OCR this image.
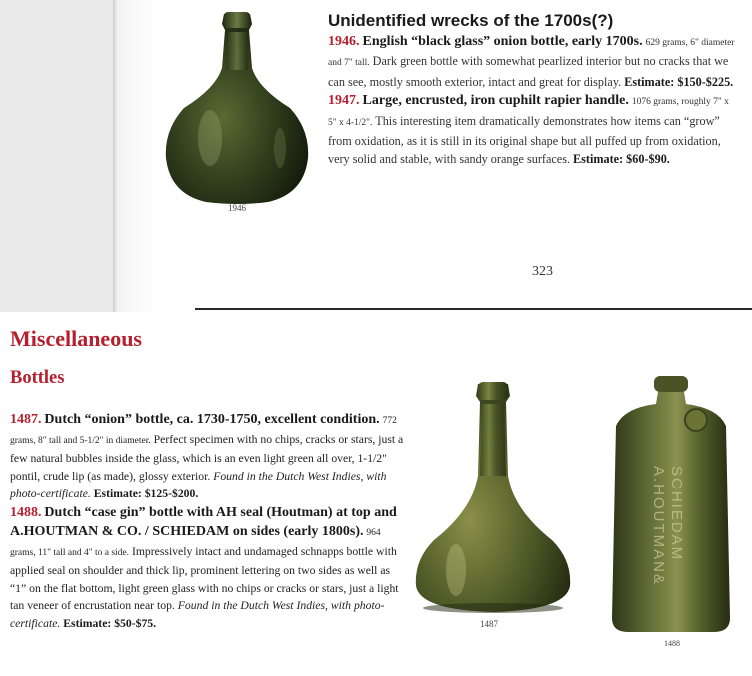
1946
Unidentified wrecks of the 1700s(?)
1946. English “black glass” onion bottle, early 1700s. 629 grams, 6" diameter and 7" tall. Dark green bottle with somewhat pearlized interior but no cracks that we can see, mostly smooth exterior, intact and great for display. Estimate: $150-$225.
1947. Large, encrusted, iron cuphilt rapier handle. 1076 grams, roughly 7" x 5" x 4-1/2". This interesting item dramatically demonstrates how items can “grow” from oxidation, as it is still in its original shape but all puffed up from oxidation, very solid and stable, with sandy orange surfaces. Estimate: $60-$90.
323
Miscellaneous
Bottles
1487. Dutch “onion” bottle, ca. 1730-1750, excellent condition. 772 grams, 8" tall and 5-1/2" in diameter. Perfect specimen with no chips, cracks or stars, just a few natural bubbles inside the glass, which is an even light green all over, 1-1/2" pontil, crude lip (as made), glossy exterior. Found in the Dutch West Indies, with photo-certificate. Estimate: $125-$200.
1488. Dutch “case gin” bottle with AH seal (Houtman) at top and A.HOUTMAN & CO. / SCHIEDAM on sides (early 1800s). 964 grams, 11" tall and 4" to a side. Impressively intact and undamaged schnapps bottle with applied seal on shoulder and thick lip, prominent lettering on two sides as well as “1” on the flat bottom, light green glass with no chips or cracks or stars, just a light tan veneer of encrustation near top. Found in the Dutch West Indies, with photo-certificate. Estimate: $50-$75.	1487
A.HOUTMAN& SCHIEDAM
1488
